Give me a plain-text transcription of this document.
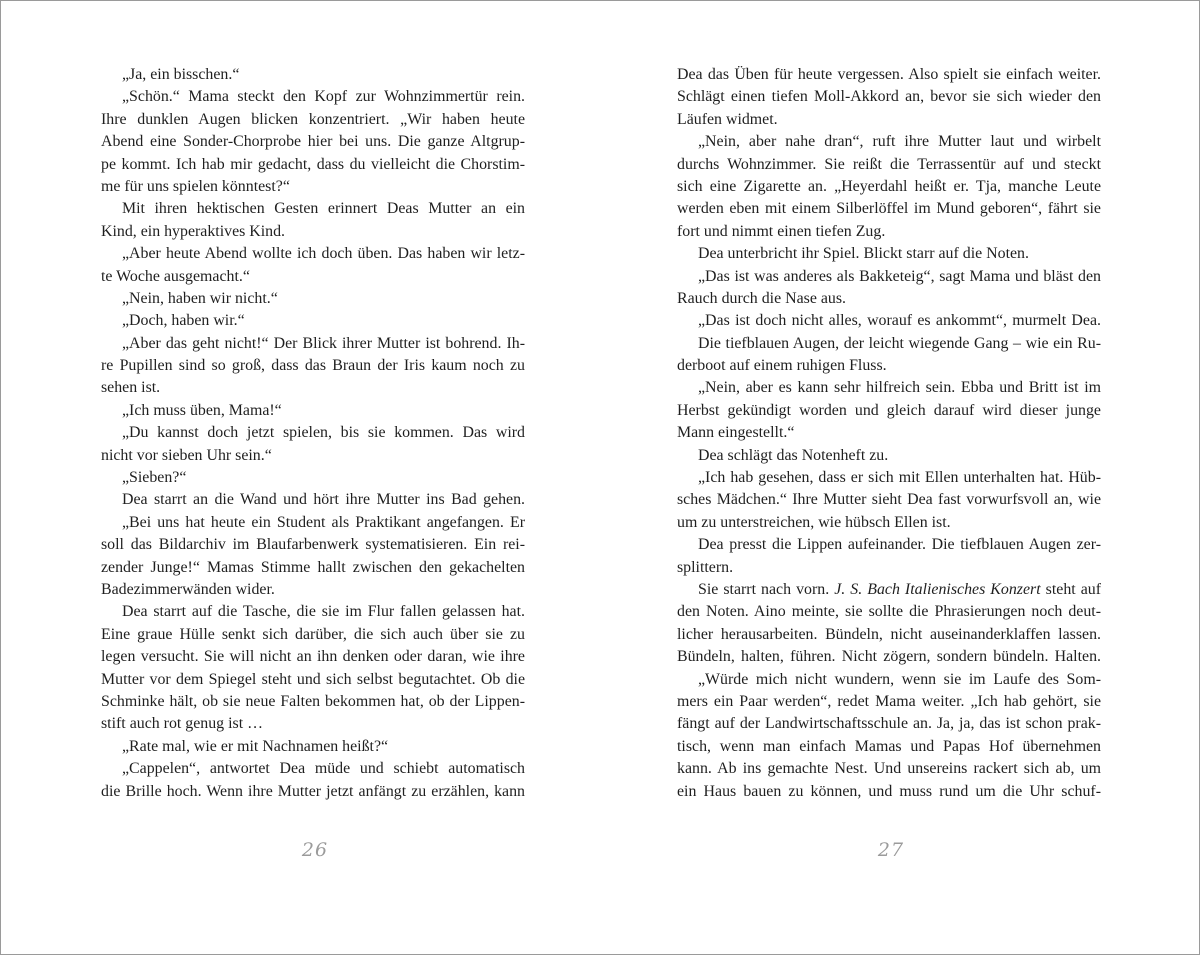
„Ja, ein bisschen.“
„Schön.“ Mama steckt den Kopf zur Wohnzimmertür rein.
Ihre dunklen Augen blicken konzentriert. „Wir haben heute
Abend eine Sonder-Chorprobe hier bei uns. Die ganze Altgrup-
pe kommt. Ich hab mir gedacht, dass du vielleicht die Chorstim-
me für uns spielen könntest?“
Mit ihren hektischen Gesten erinnert Deas Mutter an ein
Kind, ein hyperaktives Kind.
„Aber heute Abend wollte ich doch üben. Das haben wir letz-
te Woche ausgemacht.“
„Nein, haben wir nicht.“
„Doch, haben wir.“
„Aber das geht nicht!“ Der Blick ihrer Mutter ist bohrend. Ih-
re Pupillen sind so groß, dass das Braun der Iris kaum noch zu
sehen ist.
„Ich muss üben, Mama!“
„Du kannst doch jetzt spielen, bis sie kommen. Das wird
nicht vor sieben Uhr sein.“
„Sieben?“
Dea starrt an die Wand und hört ihre Mutter ins Bad gehen.
„Bei uns hat heute ein Student als Praktikant angefangen. Er
soll das Bildarchiv im Blaufarbenwerk systematisieren. Ein rei-
zender Junge!“ Mamas Stimme hallt zwischen den gekachelten
Badezimmerwänden wider.
Dea starrt auf die Tasche, die sie im Flur fallen gelassen hat.
Eine graue Hülle senkt sich darüber, die sich auch über sie zu
legen versucht. Sie will nicht an ihn denken oder daran, wie ihre
Mutter vor dem Spiegel steht und sich selbst begutachtet. Ob die
Schminke hält, ob sie neue Falten bekommen hat, ob der Lippen-
stift auch rot genug ist …
„Rate mal, wie er mit Nachnamen heißt?“
„Cappelen“, antwortet Dea müde und schiebt automatisch
die Brille hoch. Wenn ihre Mutter jetzt anfängt zu erzählen, kann
26
Dea das Üben für heute vergessen. Also spielt sie einfach weiter.
Schlägt einen tiefen Moll-Akkord an, bevor sie sich wieder den
Läufen widmet.
„Nein, aber nahe dran“, ruft ihre Mutter laut und wirbelt
durchs Wohnzimmer. Sie reißt die Terrassentür auf und steckt
sich eine Zigarette an. „Heyerdahl heißt er. Tja, manche Leute
werden eben mit einem Silberlöffel im Mund geboren“, fährt sie
fort und nimmt einen tiefen Zug.
Dea unterbricht ihr Spiel. Blickt starr auf die Noten.
„Das ist was anderes als Bakketeig“, sagt Mama und bläst den
Rauch durch die Nase aus.
„Das ist doch nicht alles, worauf es ankommt“, murmelt Dea.
Die tiefblauen Augen, der leicht wiegende Gang – wie ein Ru-
derboot auf einem ruhigen Fluss.
„Nein, aber es kann sehr hilfreich sein. Ebba und Britt ist im
Herbst gekündigt worden und gleich darauf wird dieser junge
Mann eingestellt.“
Dea schlägt das Notenheft zu.
„Ich hab gesehen, dass er sich mit Ellen unterhalten hat. Hüb-
sches Mädchen.“ Ihre Mutter sieht Dea fast vorwurfsvoll an, wie
um zu unterstreichen, wie hübsch Ellen ist.
Dea presst die Lippen aufeinander. Die tiefblauen Augen zer-
splittern.
Sie starrt nach vorn. J. S. Bach Italienisches Konzert steht auf
den Noten. Aino meinte, sie sollte die Phrasierungen noch deut-
licher herausarbeiten. Bündeln, nicht auseinanderklaffen lassen.
Bündeln, halten, führen. Nicht zögern, sondern bündeln. Halten.
„Würde mich nicht wundern, wenn sie im Laufe des Som-
mers ein Paar werden“, redet Mama weiter. „Ich hab gehört, sie
fängt auf der Landwirtschaftsschule an. Ja, ja, das ist schon prak-
tisch, wenn man einfach Mamas und Papas Hof übernehmen
kann. Ab ins gemachte Nest. Und unsereins rackert sich ab, um
ein Haus bauen zu können, und muss rund um die Uhr schuf-
27
